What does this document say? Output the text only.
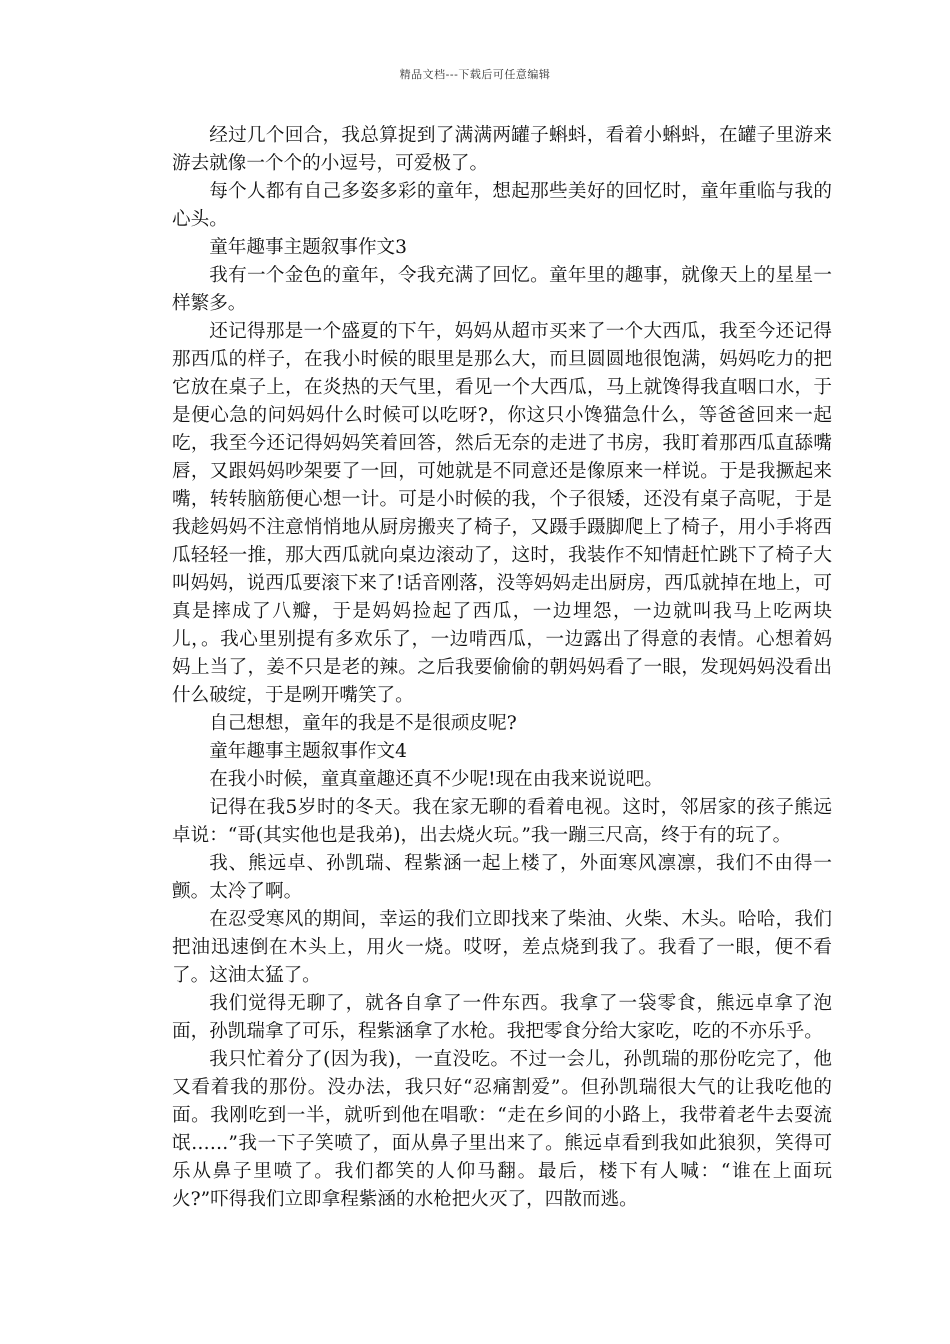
精品文档---下载后可任意编辑

经过几个回合，我总算捉到了满满两罐子蝌蚪，看着小蝌蚪，在罐子里游来游去就像一个个的小逗号，可爱极了。

每个人都有自己多姿多彩的童年，想起那些美好的回忆时，童年重临与我的心头。

童年趣事主题叙事作文3

我有一个金色的童年，令我充满了回忆。童年里的趣事，就像天上的星星一样繁多。

还记得那是一个盛夏的下午，妈妈从超市买来了一个大西瓜，我至今还记得那西瓜的样子，在我小时候的眼里是那么大，而旦圆圆地很饱满，妈妈吃力的把它放在桌子上，在炎热的天气里，看见一个大西瓜，马上就馋得我直咽口水，于是便心急的问妈妈什么时候可以吃呀?，你这只小馋猫急什么，等爸爸回来一起吃，我至今还记得妈妈笑着回答，然后无奈的走进了书房，我盯着那西瓜直舔嘴唇，又跟妈妈吵架要了一回，可她就是不同意还是像原来一样说。于是我撅起来嘴，转转脑筋便心想一计。可是小时候的我，个子很矮，还没有桌子高呢，于是我趁妈妈不注意悄悄地从厨房搬夹了椅子，又蹑手蹑脚爬上了椅子，用小手将西瓜轻轻一推，那大西瓜就向桌边滚动了，这时，我装作不知情赶忙跳下了椅子大叫妈妈，说西瓜要滚下来了!话音刚落，没等妈妈走出厨房，西瓜就掉在地上，可真是摔成了八瓣，于是妈妈捡起了西瓜，一边埋怨，一边就叫我马上吃两块儿，。我心里别提有多欢乐了，一边啃西瓜，一边露出了得意的表情。心想着妈妈上当了，姜不只是老的辣。之后我要偷偷的朝妈妈看了一眼，发现妈妈没看出什么破绽，于是咧开嘴笑了。

自己想想，童年的我是不是很顽皮呢?

童年趣事主题叙事作文4

在我小时候，童真童趣还真不少呢!现在由我来说说吧。

记得在我5岁时的冬天。我在家无聊的看着电视。这时，邻居家的孩子熊远卓说：“哥(其实他也是我弟)，出去烧火玩。”我一蹦三尺高，终于有的玩了。

我、熊远卓、孙凯瑞、程紫涵一起上楼了，外面寒风凛凛，我们不由得一颤。太冷了啊。

在忍受寒风的期间，幸运的我们立即找来了柴油、火柴、木头。哈哈，我们把油迅速倒在木头上，用火一烧。哎呀，差点烧到我了。我看了一眼，便不看了。这油太猛了。

我们觉得无聊了，就各自拿了一件东西。我拿了一袋零食，熊远卓拿了泡面，孙凯瑞拿了可乐，程紫涵拿了水枪。我把零食分给大家吃，吃的不亦乐乎。

我只忙着分了(因为我)，一直没吃。不过一会儿，孙凯瑞的那份吃完了，他又看着我的那份。没办法，我只好“忍痛割爱”。但孙凯瑞很大气的让我吃他的面。我刚吃到一半，就听到他在唱歌：“走在乡间的小路上，我带着老牛去耍流氓……”我一下子笑喷了，面从鼻子里出来了。熊远卓看到我如此狼狈，笑得可乐从鼻子里喷了。我们都笑的人仰马翻。最后，楼下有人喊：“谁在上面玩火?”吓得我们立即拿程紫涵的水枪把火灭了，四散而逃。
